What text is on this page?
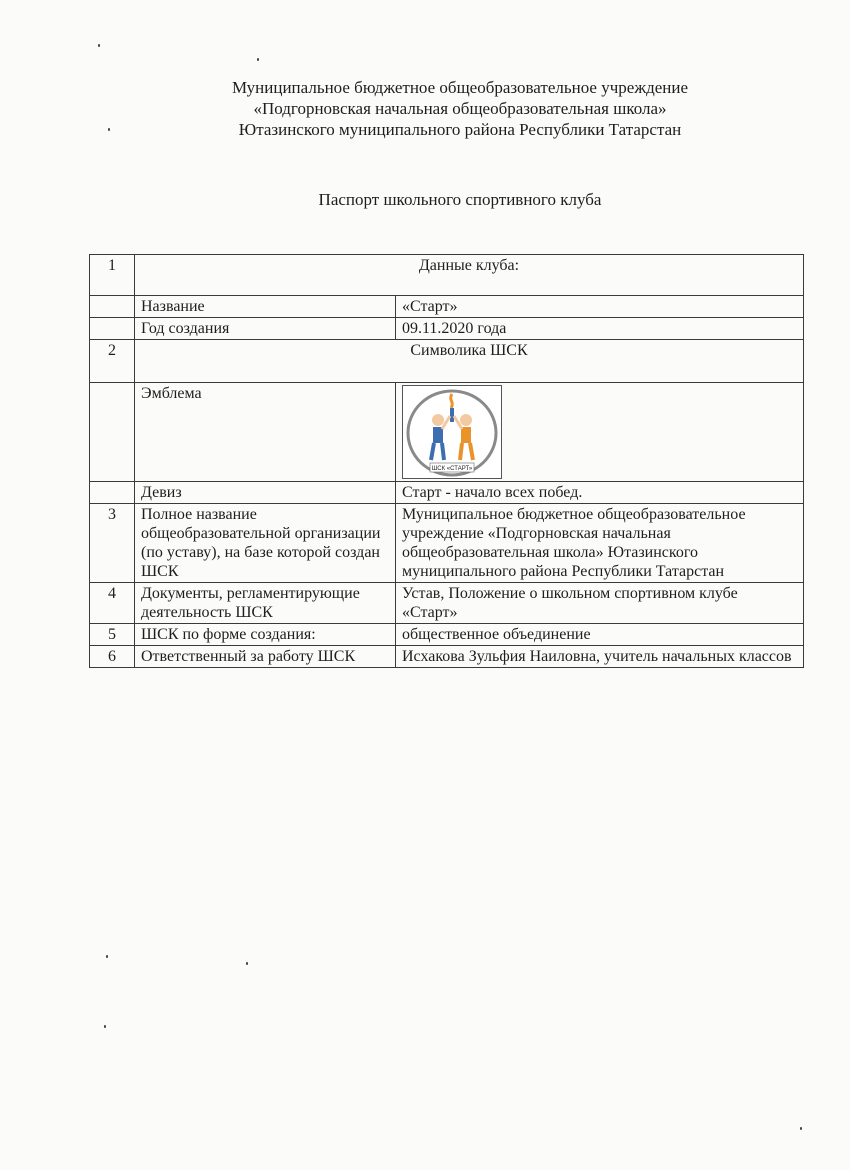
Муниципальное бюджетное общеобразовательное учреждение
«Подгорновская начальная общеобразовательная школа»
Ютазинского муниципального района Республики Татарстан
Паспорт школьного спортивного клуба
1	Данные клуба:	
	Название	«Старт»
	Год создания	09.11.2020 года
2	Символика ШСК	
	Эмблема	ШСК «СТАРТ»

	Девиз	Старт - начало всех побед.
3	Полное название общеобразовательной организации (по уставу), на базе которой создан ШСК	Муниципальное бюджетное общеобразовательное учреждение «Подгорновская начальная общеобразовательная школа» Ютазинского муниципального района Республики Татарстан
4	Документы, регламентирующие деятельность ШСК	Устав, Положение о школьном спортивном клубе «Старт»
5	ШСК по форме создания:	общественное объединение
6	Ответственный за работу ШСК	Исхакова Зульфия Наиловна, учитель начальных классов
